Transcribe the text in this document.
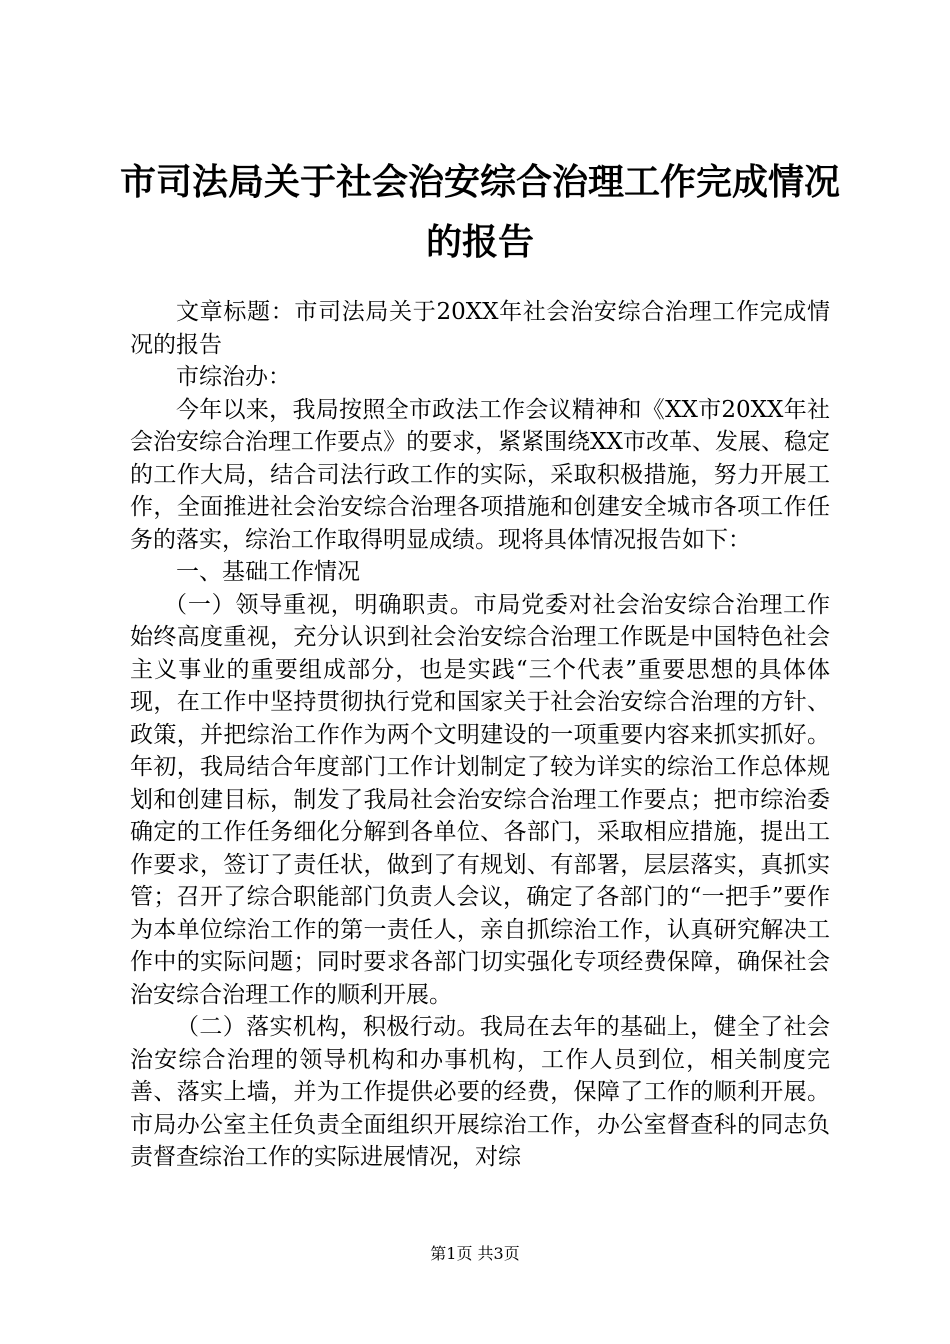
市司法局关于社会治安综合治理工作完成情况
的报告

文章标题：市司法局关于20XX年社会治安综合治理工作完成情况的报告

市综治办：

今年以来，我局按照全市政法工作会议精神和《XX市20XX年社会治安综合治理工作要点》的要求，紧紧围绕XX市改革、发展、稳定的工作大局，结合司法行政工作的实际，采取积极措施，努力开展工作，全面推进社会治安综合治理各项措施和创建安全城市各项工作任务的落实，综治工作取得明显成绩。现将具体情况报告如下：

一、基础工作情况

（一）领导重视，明确职责。市局党委对社会治安综合治理工作始终高度重视，充分认识到社会治安综合治理工作既是中国特色社会主义事业的重要组成部分，也是实践“三个代表”重要思想的具体体现，在工作中坚持贯彻执行党和国家关于社会治安综合治理的方针、政策，并把综治工作作为两个文明建设的一项重要内容来抓实抓好。年初，我局结合年度部门工作计划制定了较为详实的综治工作总体规划和创建目标，制发了我局社会治安综合治理工作要点；把市综治委确定的工作任务细化分解到各单位、各部门，采取相应措施，提出工作要求，签订了责任状，做到了有规划、有部署，层层落实，真抓实管；召开了综合职能部门负责人会议，确定了各部门的“一把手”要作为本单位综治工作的第一责任人，亲自抓综治工作，认真研究解决工作中的实际问题；同时要求各部门切实强化专项经费保障，确保社会治安综合治理工作的顺利开展。

（二）落实机构，积极行动。我局在去年的基础上，健全了社会治安综合治理的领导机构和办事机构，工作人员到位，相关制度完善、落实上墙，并为工作提供必要的经费，保障了工作的顺利开展。市局办公室主任负责全面组织开展综治工作，办公室督查科的同志负责督查综治工作的实际进展情况，对综

第1页 共3页
